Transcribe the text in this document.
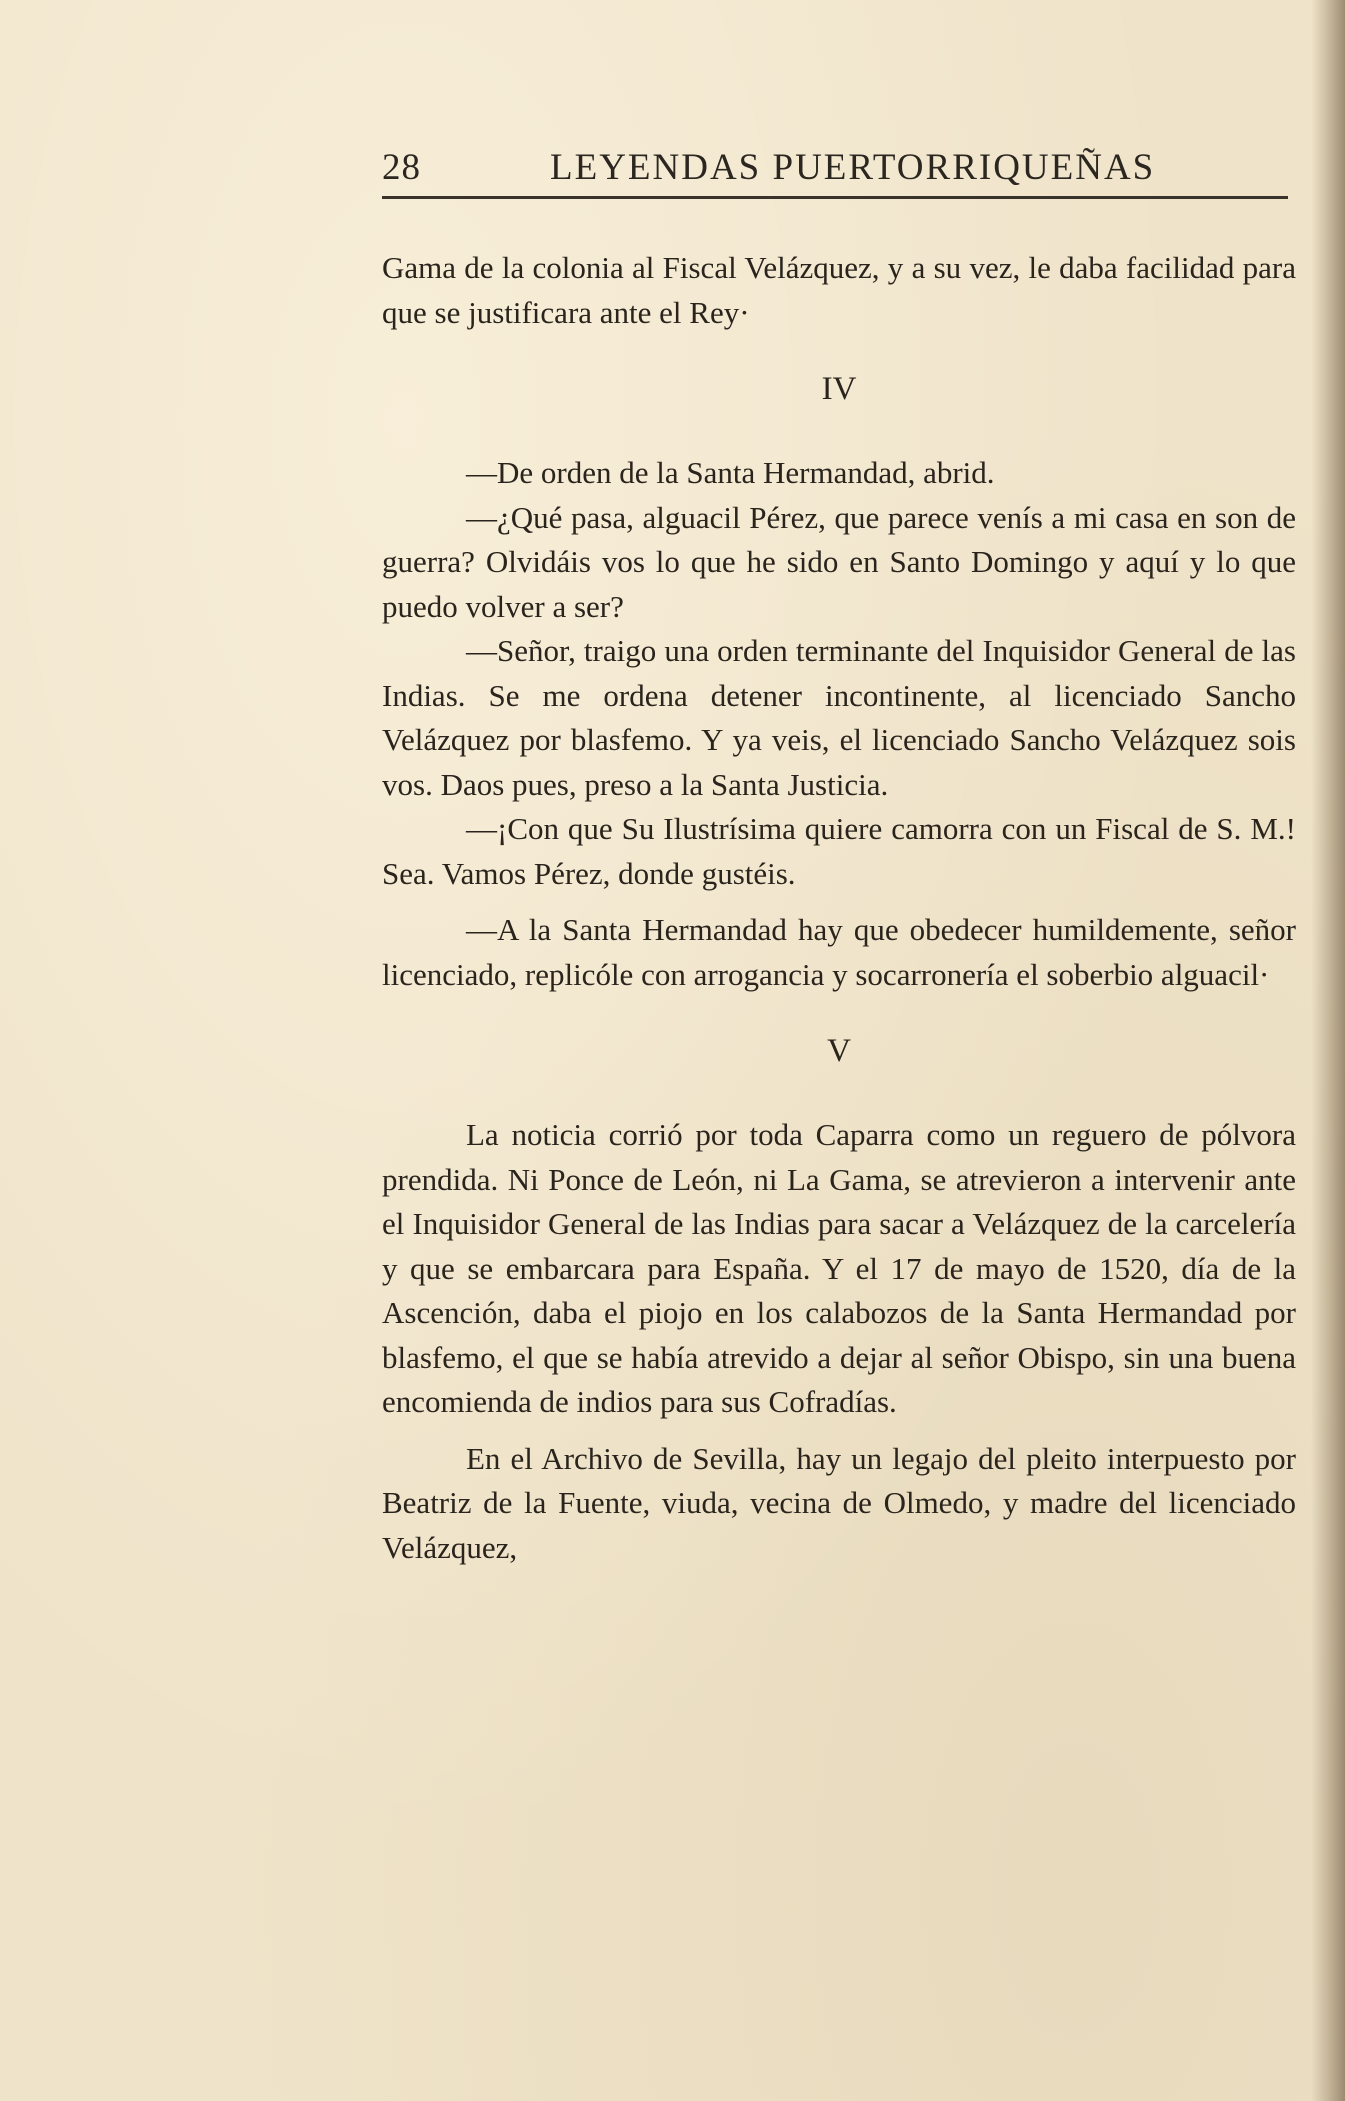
28	LEYENDAS PUERTORRIQUEÑAS

Gama de la colonia al Fiscal Velázquez, y a su vez, le daba facilidad para que se justificara ante el Rey·

IV

—De orden de la Santa Hermandad, abrid.

—¿Qué pasa, alguacil Pérez, que parece venís a mi casa en son de guerra? Olvidáis vos lo que he sido en Santo Domingo y aquí y lo que puedo volver a ser?

—Señor, traigo una orden terminante del Inquisidor General de las Indias. Se me ordena detener incontinente, al licenciado Sancho Velázquez por blasfemo. Y ya veis, el licenciado Sancho Velázquez sois vos. Daos pues, preso a la Santa Justicia.

—¡Con que Su Ilustrísima quiere camorra con un Fiscal de S. M.! Sea. Vamos Pérez, donde gustéis.

—A la Santa Hermandad hay que obedecer humildemente, señor licenciado, replicóle con arrogancia y socarronería el soberbio alguacil·

V

La noticia corrió por toda Caparra como un reguero de pólvora prendida. Ni Ponce de León, ni La Gama, se atrevieron a intervenir ante el Inquisidor General de las Indias para sacar a Velázquez de la carcelería y que se embarcara para España. Y el 17 de mayo de 1520, día de la Ascención, daba el piojo en los calabozos de la Santa Hermandad por blasfemo, el que se había atrevido a dejar al señor Obispo, sin una buena encomienda de indios para sus Cofradías.

En el Archivo de Sevilla, hay un legajo del pleito interpuesto por Beatriz de la Fuente, viuda, vecina de Olmedo, y madre del licenciado Velázquez,
